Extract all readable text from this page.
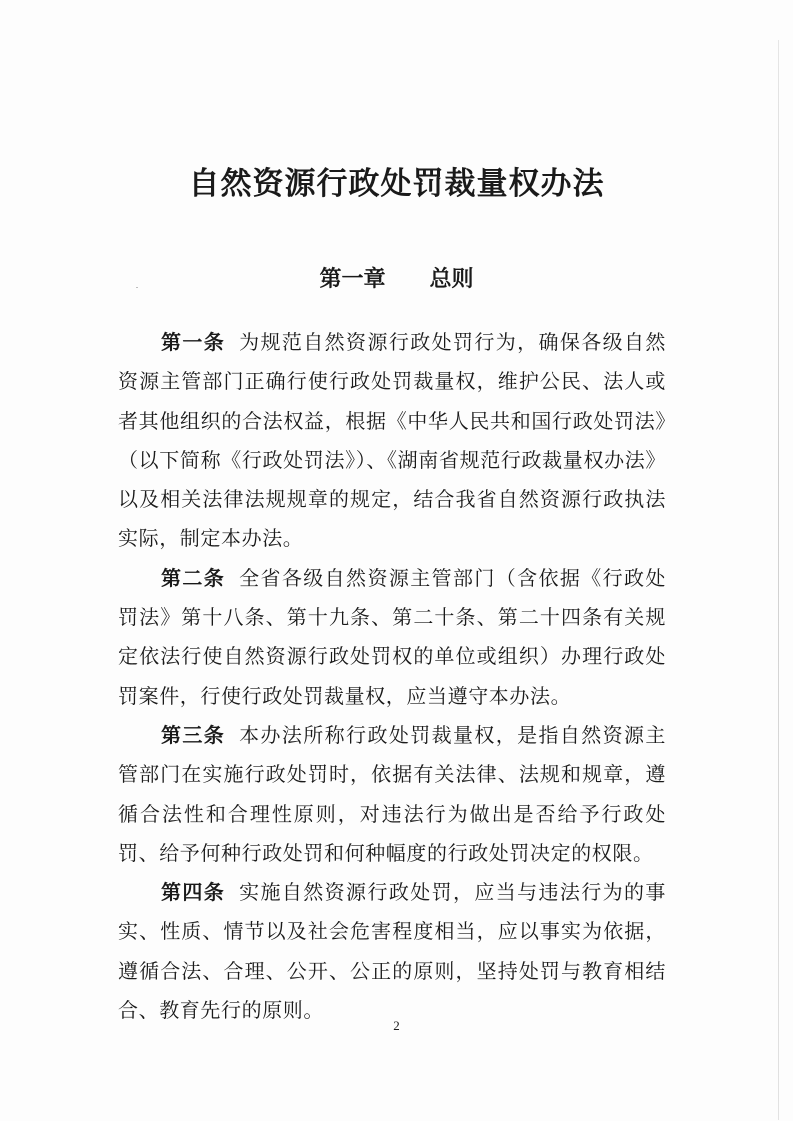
自然资源行政处罚裁量权办法
第一章 总则

第一条 为规范自然资源行政处罚行为，确保各级自然资源主管部门正确行使行政处罚裁量权，维护公民、法人或者其他组织的合法权益，根据《中华人民共和国行政处罚法》（以下简称《行政处罚法》）、《湖南省规范行政裁量权办法》以及相关法律法规规章的规定，结合我省自然资源行政执法实际，制定本办法。

第二条 全省各级自然资源主管部门（含依据《行政处罚法》第十八条、第十九条、第二十条、第二十四条有关规定依法行使自然资源行政处罚权的单位或组织）办理行政处罚案件，行使行政处罚裁量权，应当遵守本办法。

第三条 本办法所称行政处罚裁量权，是指自然资源主管部门在实施行政处罚时，依据有关法律、法规和规章，遵循合法性和合理性原则，对违法行为做出是否给予行政处罚、给予何种行政处罚和何种幅度的行政处罚决定的权限。

第四条 实施自然资源行政处罚，应当与违法行为的事实、性质、情节以及社会危害程度相当，应以事实为依据，遵循合法、合理、公开、公正的原则，坚持处罚与教育相结合、教育先行的原则。

2
